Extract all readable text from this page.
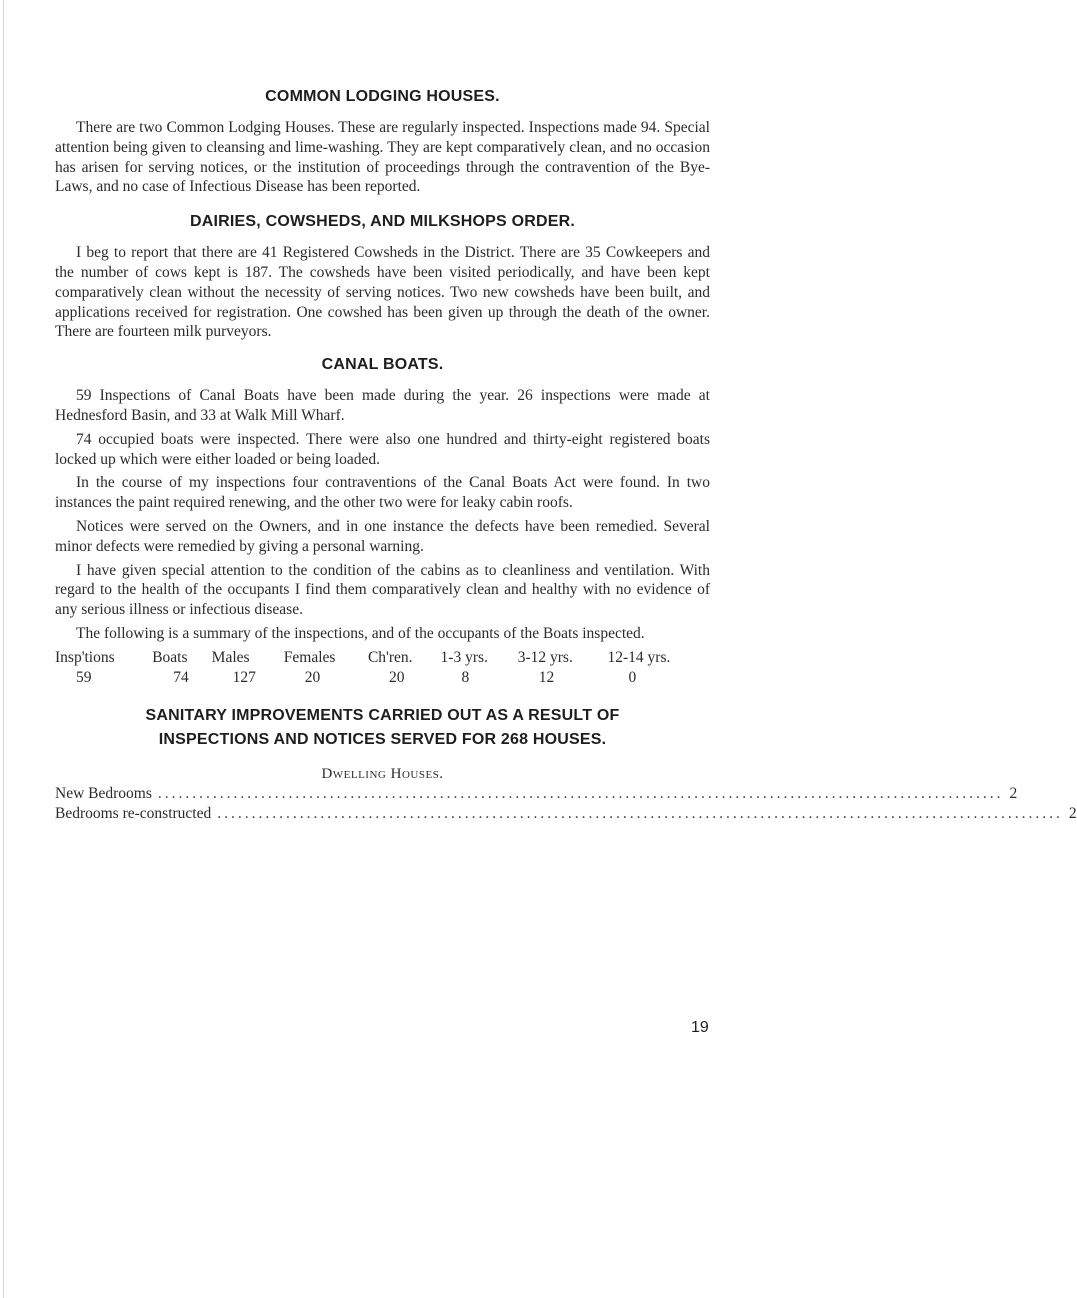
COMMON LODGING HOUSES.

There are two Common Lodging Houses. These are regularly inspected. Inspections made 94. Special attention being given to cleansing and lime-washing. They are kept comparatively clean, and no occasion has arisen for serving notices, or the institution of proceedings through the contravention of the Bye-Laws, and no case of Infectious Disease has been reported.

DAIRIES, COWSHEDS, AND MILKSHOPS ORDER.

I beg to report that there are 41 Registered Cowsheds in the District. There are 35 Cowkeepers and the number of cows kept is 187. The cowsheds have been visited periodically, and have been kept comparatively clean without the necessity of serving notices. Two new cowsheds have been built, and applications received for registration. One cowshed has been given up through the death of the owner. There are fourteen milk purveyors.

CANAL BOATS.

59 Inspections of Canal Boats have been made during the year. 26 inspections were made at Hednesford Basin, and 33 at Walk Mill Wharf.

74 occupied boats were inspected. There were also one hundred and thirty-eight registered boats locked up which were either loaded or being loaded.

In the course of my inspections four contraventions of the Canal Boats Act were found. In two instances the paint required renewing, and the other two were for leaky cabin roofs.

Notices were served on the Owners, and in one instance the defects have been remedied. Several minor defects were remedied by giving a personal warning.

I have given special attention to the condition of the cabins as to cleanliness and ventilation. With regard to the health of the occupants I find them comparatively clean and healthy with no evidence of any serious illness or infectious disease.

The following is a summary of the inspections, and of the occupants of the Boats inspected.

Insp'tions	Boats	Males	Females	Ch'ren.	1-3 yrs.	3-12 yrs.	12-14 yrs.
59	74	127	20	20	8	12	0
SANITARY IMPROVEMENTS CARRIED OUT AS A RESULT OF
INSPECTIONS AND NOTICES SERVED FOR 268 HOUSES.
Dwelling Houses.
New Bedrooms ........................................................................................................................... 2
Bedrooms re-constructed ........................................................................................................................... 2
19
